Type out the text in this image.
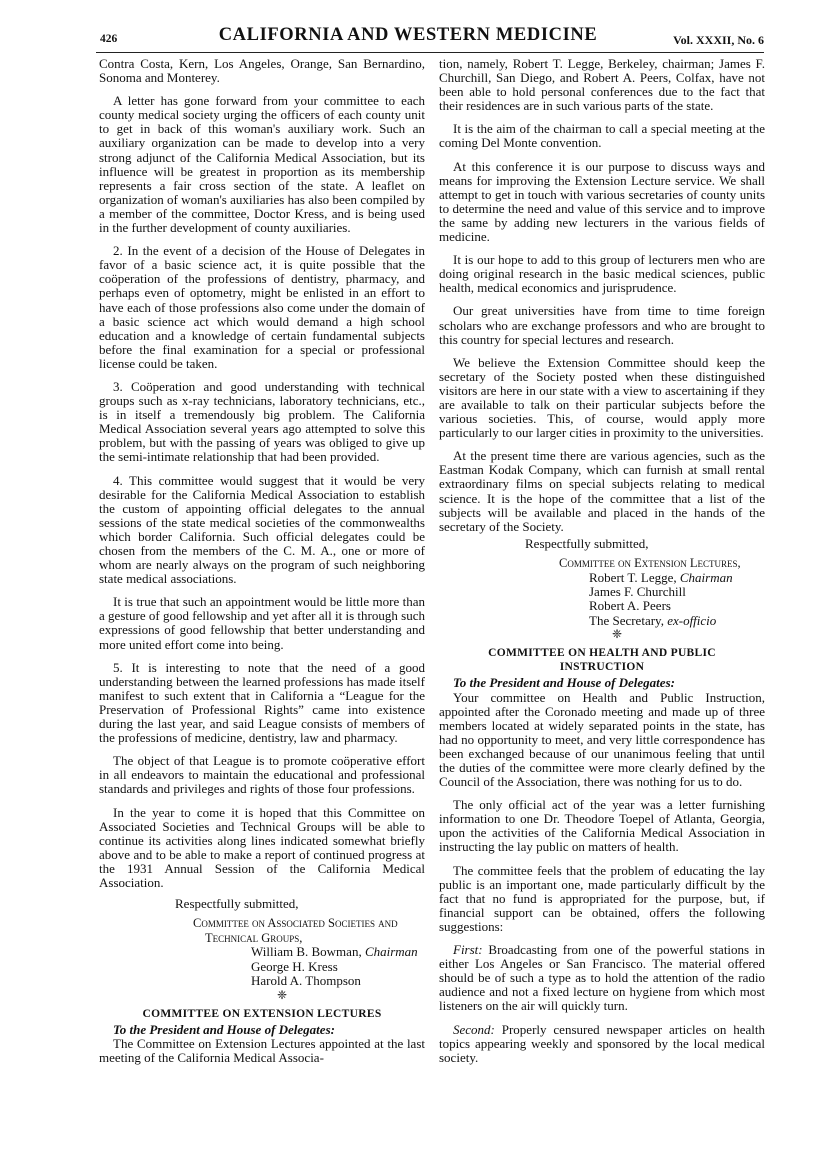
426	CALIFORNIA AND WESTERN MEDICINE	Vol. XXXII, No. 6

Contra Costa, Kern, Los Angeles, Orange, San Bernardino, Sonoma and Monterey.

A letter has gone forward from your committee to each county medical society urging the officers of each county unit to get in back of this woman's auxiliary work. Such an auxiliary organization can be made to develop into a very strong adjunct of the California Medical Association, but its influence will be greatest in proportion as its membership represents a fair cross section of the state. A leaflet on organization of woman's auxiliaries has also been compiled by a member of the committee, Doctor Kress, and is being used in the further development of county auxiliaries.

2. In the event of a decision of the House of Delegates in favor of a basic science act, it is quite possible that the coöperation of the professions of dentistry, pharmacy, and perhaps even of optometry, might be enlisted in an effort to have each of those professions also come under the domain of a basic science act which would demand a high school education and a knowledge of certain fundamental subjects before the final examination for a special or professional license could be taken.

3. Coöperation and good understanding with technical groups such as x-ray technicians, laboratory technicians, etc., is in itself a tremendously big problem. The California Medical Association several years ago attempted to solve this problem, but with the passing of years was obliged to give up the semi-intimate relationship that had been provided.

4. This committee would suggest that it would be very desirable for the California Medical Association to establish the custom of appointing official delegates to the annual sessions of the state medical societies of the commonwealths which border California. Such official delegates could be chosen from the members of the C. M. A., one or more of whom are nearly always on the program of such neighboring state medical associations.

It is true that such an appointment would be little more than a gesture of good fellowship and yet after all it is through such expressions of good fellowship that better understanding and more united effort come into being.

5. It is interesting to note that the need of a good understanding between the learned professions has made itself manifest to such extent that in California a “League for the Preservation of Professional Rights” came into existence during the last year, and said League consists of members of the professions of medicine, dentistry, law and pharmacy.

The object of that League is to promote coöperative effort in all endeavors to maintain the educational and professional standards and privileges and rights of those four professions.

In the year to come it is hoped that this Committee on Associated Societies and Technical Groups will be able to continue its activities along lines indicated somewhat briefly above and to be able to make a report of continued progress at the 1931 Annual Session of the California Medical Association.

Respectfully submitted,
Committee on Associated Societies and
Technical Groups,
William B. Bowman, Chairman
George H. Kress
Harold A. Thompson
❈
COMMITTEE ON EXTENSION LECTURES

To the President and House of Delegates:

The Committee on Extension Lectures appointed at the last meeting of the California Medical Associa-

tion, namely, Robert T. Legge, Berkeley, chairman; James F. Churchill, San Diego, and Robert A. Peers, Colfax, have not been able to hold personal conferences due to the fact that their residences are in such various parts of the state.

It is the aim of the chairman to call a special meeting at the coming Del Monte convention.

At this conference it is our purpose to discuss ways and means for improving the Extension Lecture service. We shall attempt to get in touch with various secretaries of county units to determine the need and value of this service and to improve the same by adding new lecturers in the various fields of medicine.

It is our hope to add to this group of lecturers men who are doing original research in the basic medical sciences, public health, medical economics and jurisprudence.

Our great universities have from time to time foreign scholars who are exchange professors and who are brought to this country for special lectures and research.

We believe the Extension Committee should keep the secretary of the Society posted when these distinguished visitors are here in our state with a view to ascertaining if they are available to talk on their particular subjects before the various societies. This, of course, would apply more particularly to our larger cities in proximity to the universities.

At the present time there are various agencies, such as the Eastman Kodak Company, which can furnish at small rental extraordinary films on special subjects relating to medical science. It is the hope of the committee that a list of the subjects will be available and placed in the hands of the secretary of the Society.

Respectfully submitted,
Committee on Extension Lectures,
Robert T. Legge, Chairman
James F. Churchill
Robert A. Peers
The Secretary, ex-officio
❈
COMMITTEE ON HEALTH AND PUBLIC
INSTRUCTION

To the President and House of Delegates:

Your committee on Health and Public Instruction, appointed after the Coronado meeting and made up of three members located at widely separated points in the state, has had no opportunity to meet, and very little correspondence has been exchanged because of our unanimous feeling that until the duties of the committee were more clearly defined by the Council of the Association, there was nothing for us to do.

The only official act of the year was a letter furnishing information to one Dr. Theodore Toepel of Atlanta, Georgia, upon the activities of the California Medical Association in instructing the lay public on matters of health.

The committee feels that the problem of educating the lay public is an important one, made particularly difficult by the fact that no fund is appropriated for the purpose, but, if financial support can be obtained, offers the following suggestions:

First: Broadcasting from one of the powerful stations in either Los Angeles or San Francisco. The material offered should be of such a type as to hold the attention of the radio audience and not a fixed lecture on hygiene from which most listeners on the air will quickly turn.

Second: Properly censured newspaper articles on health topics appearing weekly and sponsored by the local medical society.
